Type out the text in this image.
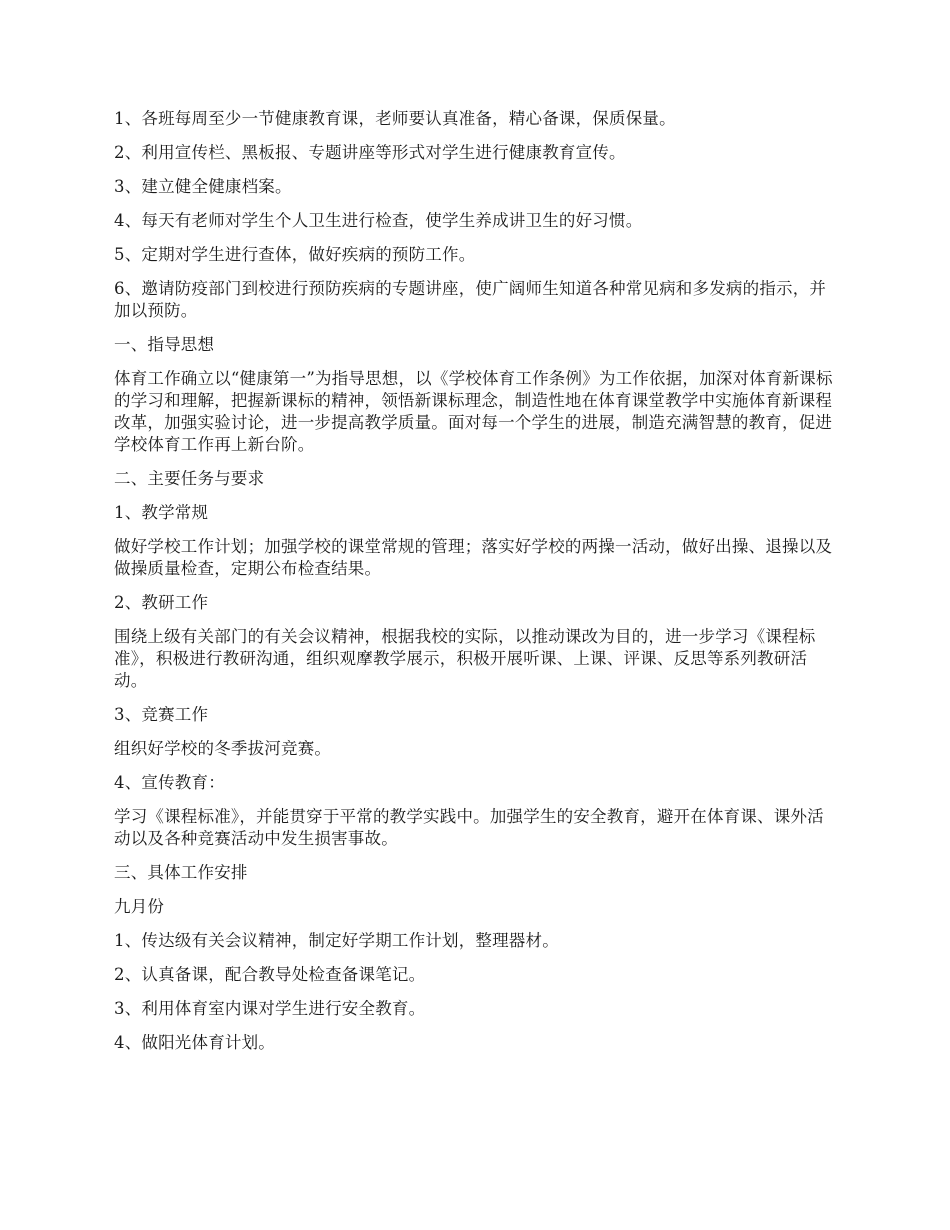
1、各班每周至少一节健康教育课，老师要认真准备，精心备课，保质保量。

2、利用宣传栏、黑板报、专题讲座等形式对学生进行健康教育宣传。

3、建立健全健康档案。

4、每天有老师对学生个人卫生进行检查，使学生养成讲卫生的好习惯。

5、定期对学生进行查体，做好疾病的预防工作。

6、邀请防疫部门到校进行预防疾病的专题讲座，使广阔师生知道各种常见病和多发病的指示，并加以预防。

一、指导思想

体育工作确立以“健康第一”为指导思想，以《学校体育工作条例》为工作依据，加深对体育新课标的学习和理解，把握新课标的精神，领悟新课标理念，制造性地在体育课堂教学中实施体育新课程改革，加强实验讨论，进一步提高教学质量。面对每一个学生的进展，制造充满智慧的教育，促进学校体育工作再上新台阶。

二、主要任务与要求

1、教学常规

做好学校工作计划；加强学校的课堂常规的管理；落实好学校的两操一活动，做好出操、退操以及做操质量检查，定期公布检查结果。

2、教研工作

围绕上级有关部门的有关会议精神，根据我校的实际，以推动课改为目的，进一步学习《课程标准》，积极进行教研沟通，组织观摩教学展示，积极开展听课、上课、评课、反思等系列教研活动。

3、竞赛工作

组织好学校的冬季拔河竞赛。

4、宣传教育：

学习《课程标准》，并能贯穿于平常的教学实践中。加强学生的安全教育，避开在体育课、课外活动以及各种竞赛活动中发生损害事故。

三、具体工作安排

九月份

1、传达级有关会议精神，制定好学期工作计划，整理器材。

2、认真备课，配合教导处检查备课笔记。

3、利用体育室内课对学生进行安全教育。

4、做阳光体育计划。
